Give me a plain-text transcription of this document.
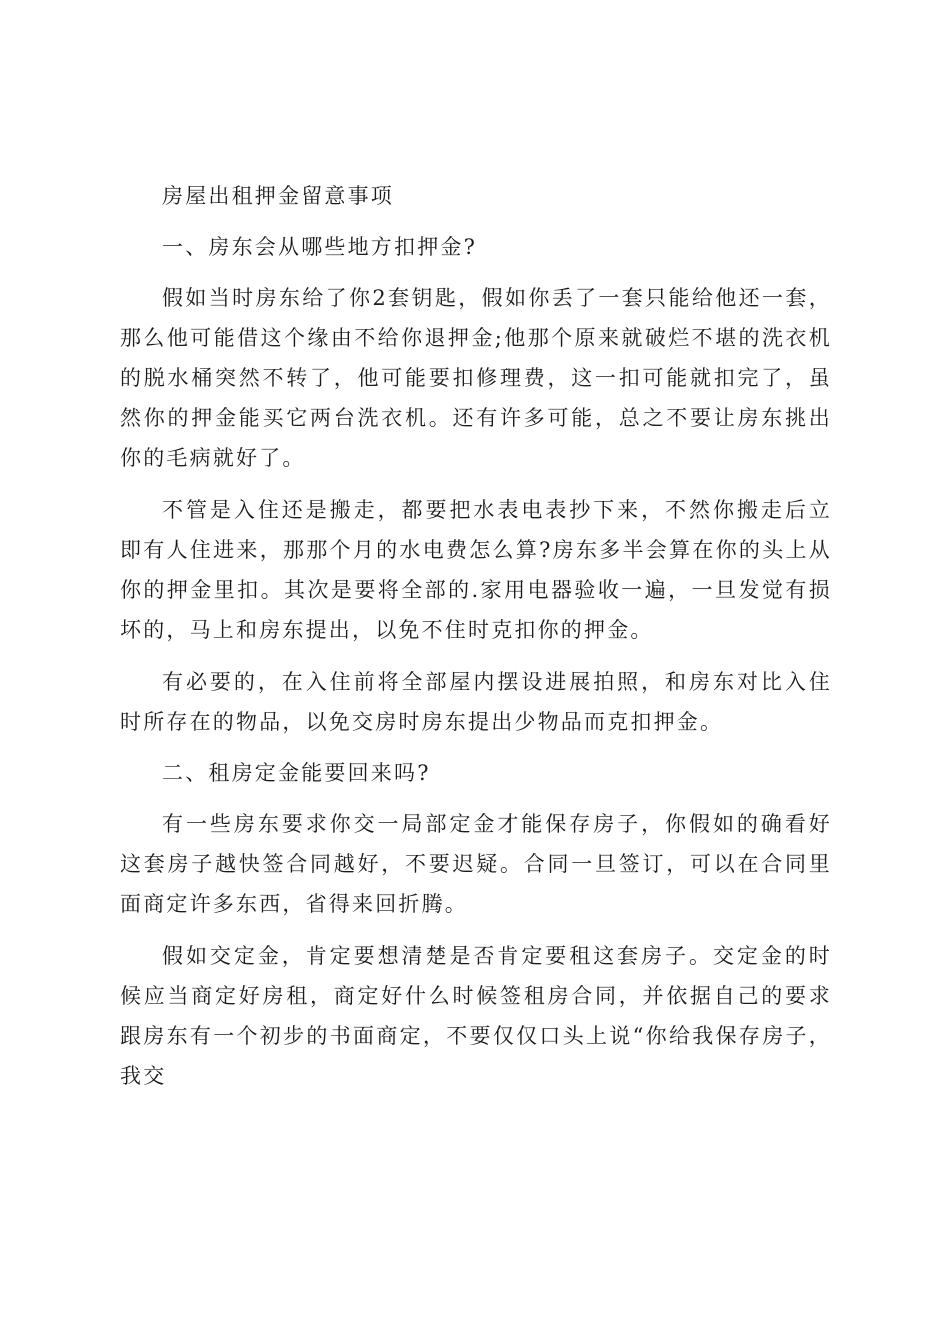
房屋出租押金留意事项

一、房东会从哪些地方扣押金?

假如当时房东给了你2套钥匙，假如你丢了一套只能给他还一套，那么他可能借这个缘由不给你退押金;他那个原来就破烂不堪的洗衣机的脱水桶突然不转了，他可能要扣修理费，这一扣可能就扣完了，虽然你的押金能买它两台洗衣机。还有许多可能，总之不要让房东挑出你的毛病就好了。

不管是入住还是搬走，都要把水表电表抄下来，不然你搬走后立即有人住进来，那那个月的水电费怎么算?房东多半会算在你的头上从你的押金里扣。其次是要将全部的.家用电器验收一遍，一旦发觉有损坏的，马上和房东提出，以免不住时克扣你的押金。

有必要的，在入住前将全部屋内摆设进展拍照，和房东对比入住时所存在的物品，以免交房时房东提出少物品而克扣押金。

二、租房定金能要回来吗?

有一些房东要求你交一局部定金才能保存房子，你假如的确看好这套房子越快签合同越好，不要迟疑。合同一旦签订，可以在合同里面商定许多东西，省得来回折腾。

假如交定金，肯定要想清楚是否肯定要租这套房子。交定金的时候应当商定好房租，商定好什么时候签租房合同，并依据自己的要求跟房东有一个初步的书面商定，不要仅仅口头上说“你给我保存房子，我交
